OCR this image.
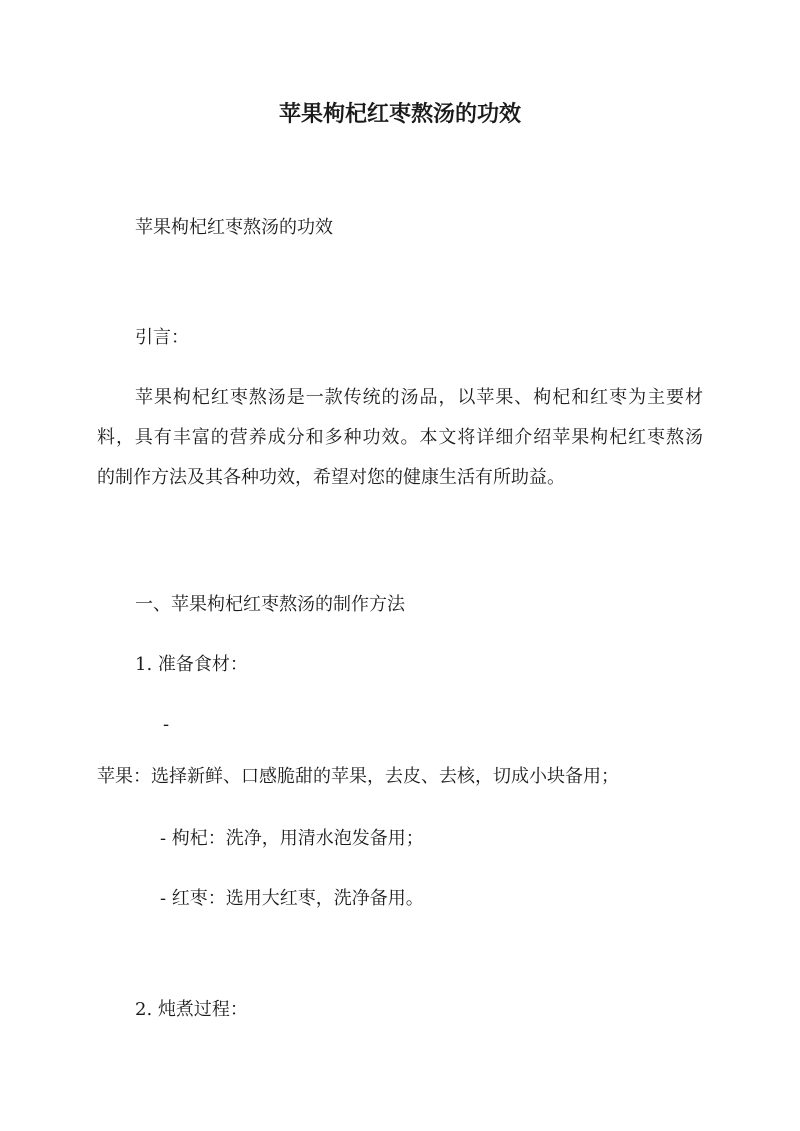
苹果枸杞红枣熬汤的功效
苹果枸杞红枣熬汤的功效
引言：
苹果枸杞红枣熬汤是一款传统的汤品，以苹果、枸杞和红枣为主要材
料，具有丰富的营养成分和多种功效。本文将详细介绍苹果枸杞红枣熬汤
的制作方法及其各种功效，希望对您的健康生活有所助益。
一、苹果枸杞红枣熬汤的制作方法
1. 准备食材：
-
苹果：选择新鲜、口感脆甜的苹果，去皮、去核，切成小块备用；
- 枸杞：洗净，用清水泡发备用；
- 红枣：选用大红枣，洗净备用。
2. 炖煮过程：
